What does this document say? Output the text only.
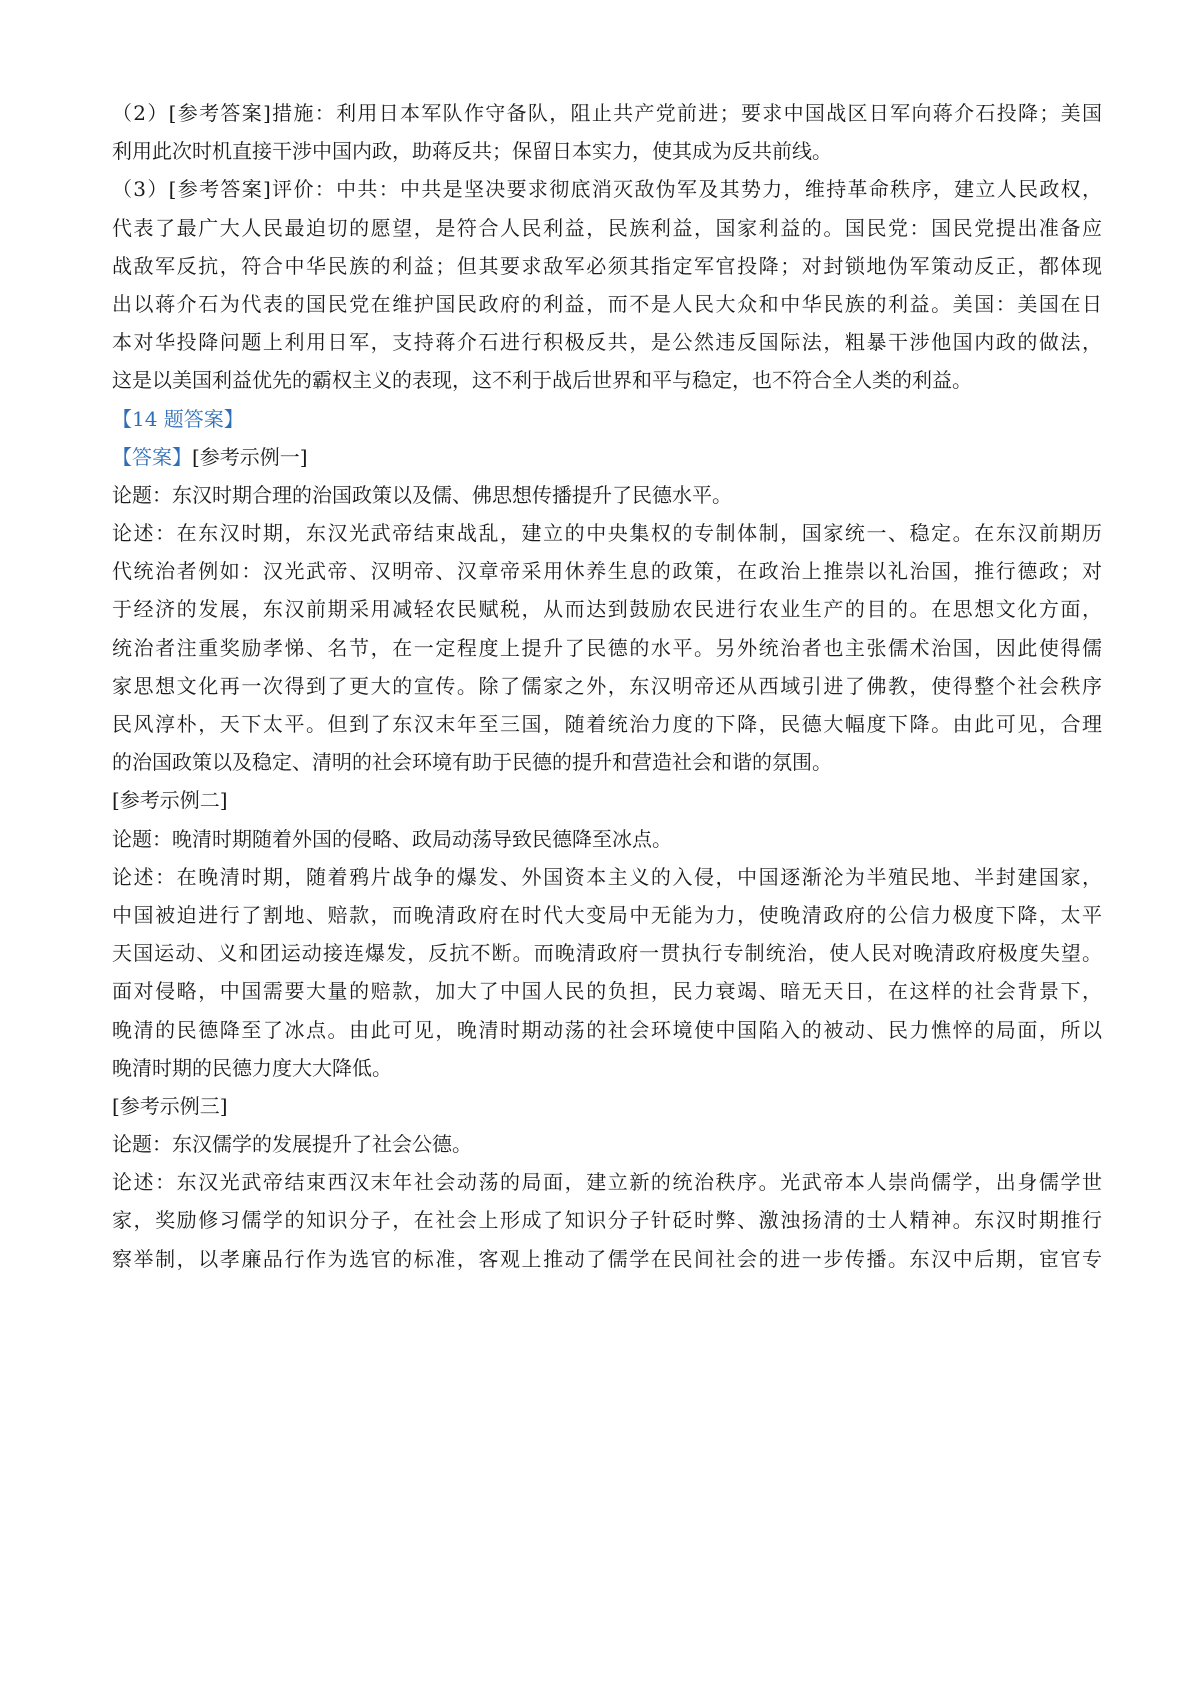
（2）[参考答案]措施：利用日本军队作守备队，阻止共产党前进；要求中国战区日军向蒋介石投降；美国
利用此次时机直接干涉中国内政，助蒋反共；保留日本实力，使其成为反共前线。
（3）[参考答案]评价：中共：中共是坚决要求彻底消灭敌伪军及其势力，维持革命秩序，建立人民政权，
代表了最广大人民最迫切的愿望，是符合人民利益，民族利益，国家利益的。国民党：国民党提出准备应
战敌军反抗，符合中华民族的利益；但其要求敌军必须其指定军官投降；对封锁地伪军策动反正，都体现
出以蒋介石为代表的国民党在维护国民政府的利益，而不是人民大众和中华民族的利益。美国：美国在日
本对华投降问题上利用日军，支持蒋介石进行积极反共，是公然违反国际法，粗暴干涉他国内政的做法，
这是以美国利益优先的霸权主义的表现，这不利于战后世界和平与稳定，也不符合全人类的利益。
【14 题答案】
【答案】[参考示例一]
论题：东汉时期合理的治国政策以及儒、佛思想传播提升了民德水平。
论述：在东汉时期，东汉光武帝结束战乱，建立的中央集权的专制体制，国家统一、稳定。在东汉前期历
代统治者例如：汉光武帝、汉明帝、汉章帝采用休养生息的政策，在政治上推崇以礼治国，推行德政；对
于经济的发展，东汉前期采用减轻农民赋税，从而达到鼓励农民进行农业生产的目的。在思想文化方面，
统治者注重奖励孝悌、名节，在一定程度上提升了民德的水平。另外统治者也主张儒术治国，因此使得儒
家思想文化再一次得到了更大的宣传。除了儒家之外，东汉明帝还从西域引进了佛教，使得整个社会秩序
民风淳朴，天下太平。但到了东汉末年至三国，随着统治力度的下降，民德大幅度下降。由此可见，合理
的治国政策以及稳定、清明的社会环境有助于民德的提升和营造社会和谐的氛围。
[参考示例二]
论题：晚清时期随着外国的侵略、政局动荡导致民德降至冰点。
论述：在晚清时期，随着鸦片战争的爆发、外国资本主义的入侵，中国逐渐沦为半殖民地、半封建国家，
中国被迫进行了割地、赔款，而晚清政府在时代大变局中无能为力，使晚清政府的公信力极度下降，太平
天国运动、义和团运动接连爆发，反抗不断。而晚清政府一贯执行专制统治，使人民对晚清政府极度失望。
面对侵略，中国需要大量的赔款，加大了中国人民的负担，民力衰竭、暗无天日，在这样的社会背景下，
晚清的民德降至了冰点。由此可见，晚清时期动荡的社会环境使中国陷入的被动、民力憔悴的局面，所以
晚清时期的民德力度大大降低。
[参考示例三]
论题：东汉儒学的发展提升了社会公德。
论述：东汉光武帝结束西汉末年社会动荡的局面，建立新的统治秩序。光武帝本人崇尚儒学，出身儒学世
家，奖励修习儒学的知识分子，在社会上形成了知识分子针砭时弊、激浊扬清的士人精神。东汉时期推行
察举制，以孝廉品行作为选官的标准，客观上推动了儒学在民间社会的进一步传播。东汉中后期，宦官专
